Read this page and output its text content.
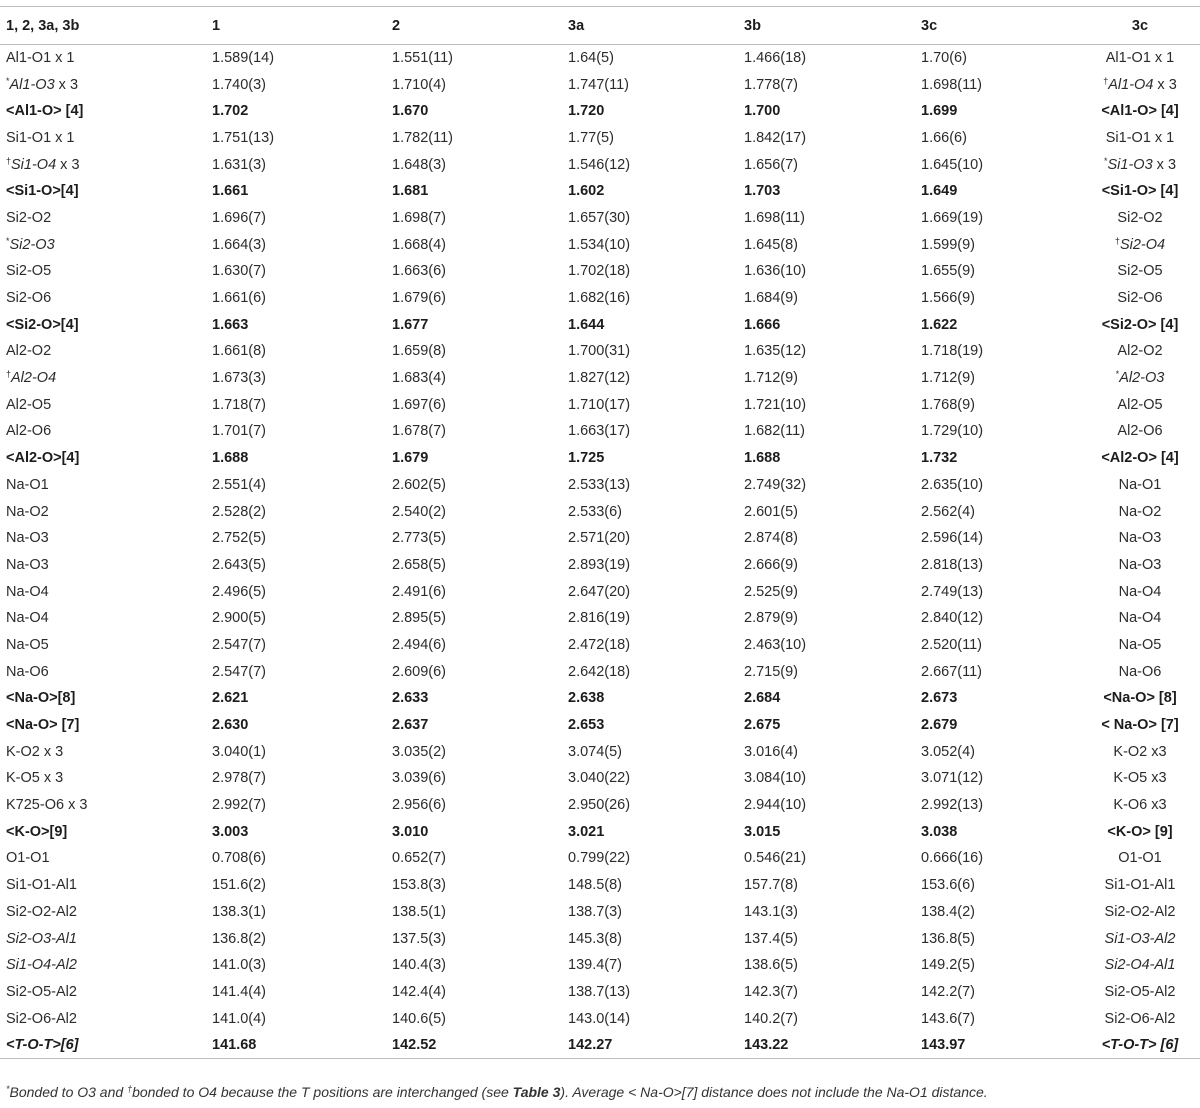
1, 2, 3a, 3b	1	2	3a	3b	3c	3c
Al1-O1 x 1	1.589(14)	1.551(11)	1.64(5)	1.466(18)	1.70(6)	Al1-O1 x 1
*Al1-O3 x 3	1.740(3)	1.710(4)	1.747(11)	1.778(7)	1.698(11)	†Al1-O4 x 3
<Al1-O> [4]	1.702	1.670	1.720	1.700	1.699	<Al1-O> [4]
Si1-O1 x 1	1.751(13)	1.782(11)	1.77(5)	1.842(17)	1.66(6)	Si1-O1 x 1
†Si1-O4 x 3	1.631(3)	1.648(3)	1.546(12)	1.656(7)	1.645(10)	*Si1-O3 x 3
<Si1-O>[4]	1.661	1.681	1.602	1.703	1.649	<Si1-O> [4]
Si2-O2	1.696(7)	1.698(7)	1.657(30)	1.698(11)	1.669(19)	Si2-O2
*Si2-O3	1.664(3)	1.668(4)	1.534(10)	1.645(8)	1.599(9)	†Si2-O4
Si2-O5	1.630(7)	1.663(6)	1.702(18)	1.636(10)	1.655(9)	Si2-O5
Si2-O6	1.661(6)	1.679(6)	1.682(16)	1.684(9)	1.566(9)	Si2-O6
<Si2-O>[4]	1.663	1.677	1.644	1.666	1.622	<Si2-O> [4]
Al2-O2	1.661(8)	1.659(8)	1.700(31)	1.635(12)	1.718(19)	Al2-O2
†Al2-O4	1.673(3)	1.683(4)	1.827(12)	1.712(9)	1.712(9)	*Al2-O3
Al2-O5	1.718(7)	1.697(6)	1.710(17)	1.721(10)	1.768(9)	Al2-O5
Al2-O6	1.701(7)	1.678(7)	1.663(17)	1.682(11)	1.729(10)	Al2-O6
<Al2-O>[4]	1.688	1.679	1.725	1.688	1.732	<Al2-O> [4]
Na-O1	2.551(4)	2.602(5)	2.533(13)	2.749(32)	2.635(10)	Na-O1
Na-O2	2.528(2)	2.540(2)	2.533(6)	2.601(5)	2.562(4)	Na-O2
Na-O3	2.752(5)	2.773(5)	2.571(20)	2.874(8)	2.596(14)	Na-O3
Na-O3	2.643(5)	2.658(5)	2.893(19)	2.666(9)	2.818(13)	Na-O3
Na-O4	2.496(5)	2.491(6)	2.647(20)	2.525(9)	2.749(13)	Na-O4
Na-O4	2.900(5)	2.895(5)	2.816(19)	2.879(9)	2.840(12)	Na-O4
Na-O5	2.547(7)	2.494(6)	2.472(18)	2.463(10)	2.520(11)	Na-O5
Na-O6	2.547(7)	2.609(6)	2.642(18)	2.715(9)	2.667(11)	Na-O6
<Na-O>[8]	2.621	2.633	2.638	2.684	2.673	<Na-O> [8]
<Na-O> [7]	2.630	2.637	2.653	2.675	2.679	< Na-O> [7]
K-O2 x 3	3.040(1)	3.035(2)	3.074(5)	3.016(4)	3.052(4)	K-O2 x3
K-O5 x 3	2.978(7)	3.039(6)	3.040(22)	3.084(10)	3.071(12)	K-O5 x3
K725-O6 x 3	2.992(7)	2.956(6)	2.950(26)	2.944(10)	2.992(13)	K-O6 x3
<K-O>[9]	3.003	3.010	3.021	3.015	3.038	<K-O> [9]
O1-O1	0.708(6)	0.652(7)	0.799(22)	0.546(21)	0.666(16)	O1-O1
Si1-O1-Al1	151.6(2)	153.8(3)	148.5(8)	157.7(8)	153.6(6)	Si1-O1-Al1
Si2-O2-Al2	138.3(1)	138.5(1)	138.7(3)	143.1(3)	138.4(2)	Si2-O2-Al2
Si2-O3-Al1	136.8(2)	137.5(3)	145.3(8)	137.4(5)	136.8(5)	Si1-O3-Al2
Si1-O4-Al2	141.0(3)	140.4(3)	139.4(7)	138.6(5)	149.2(5)	Si2-O4-Al1
Si2-O5-Al2	141.4(4)	142.4(4)	138.7(13)	142.3(7)	142.2(7)	Si2-O5-Al2
Si2-O6-Al2	141.0(4)	140.6(5)	143.0(14)	140.2(7)	143.6(7)	Si2-O6-Al2
<T-O-T>[6]	141.68	142.52	142.27	143.22	143.97	<T-O-T> [6]
*Bonded to O3 and †bonded to O4 because the T positions are interchanged (see Table 3). Average < Na-O>[7] distance does not include the Na-O1 distance.
